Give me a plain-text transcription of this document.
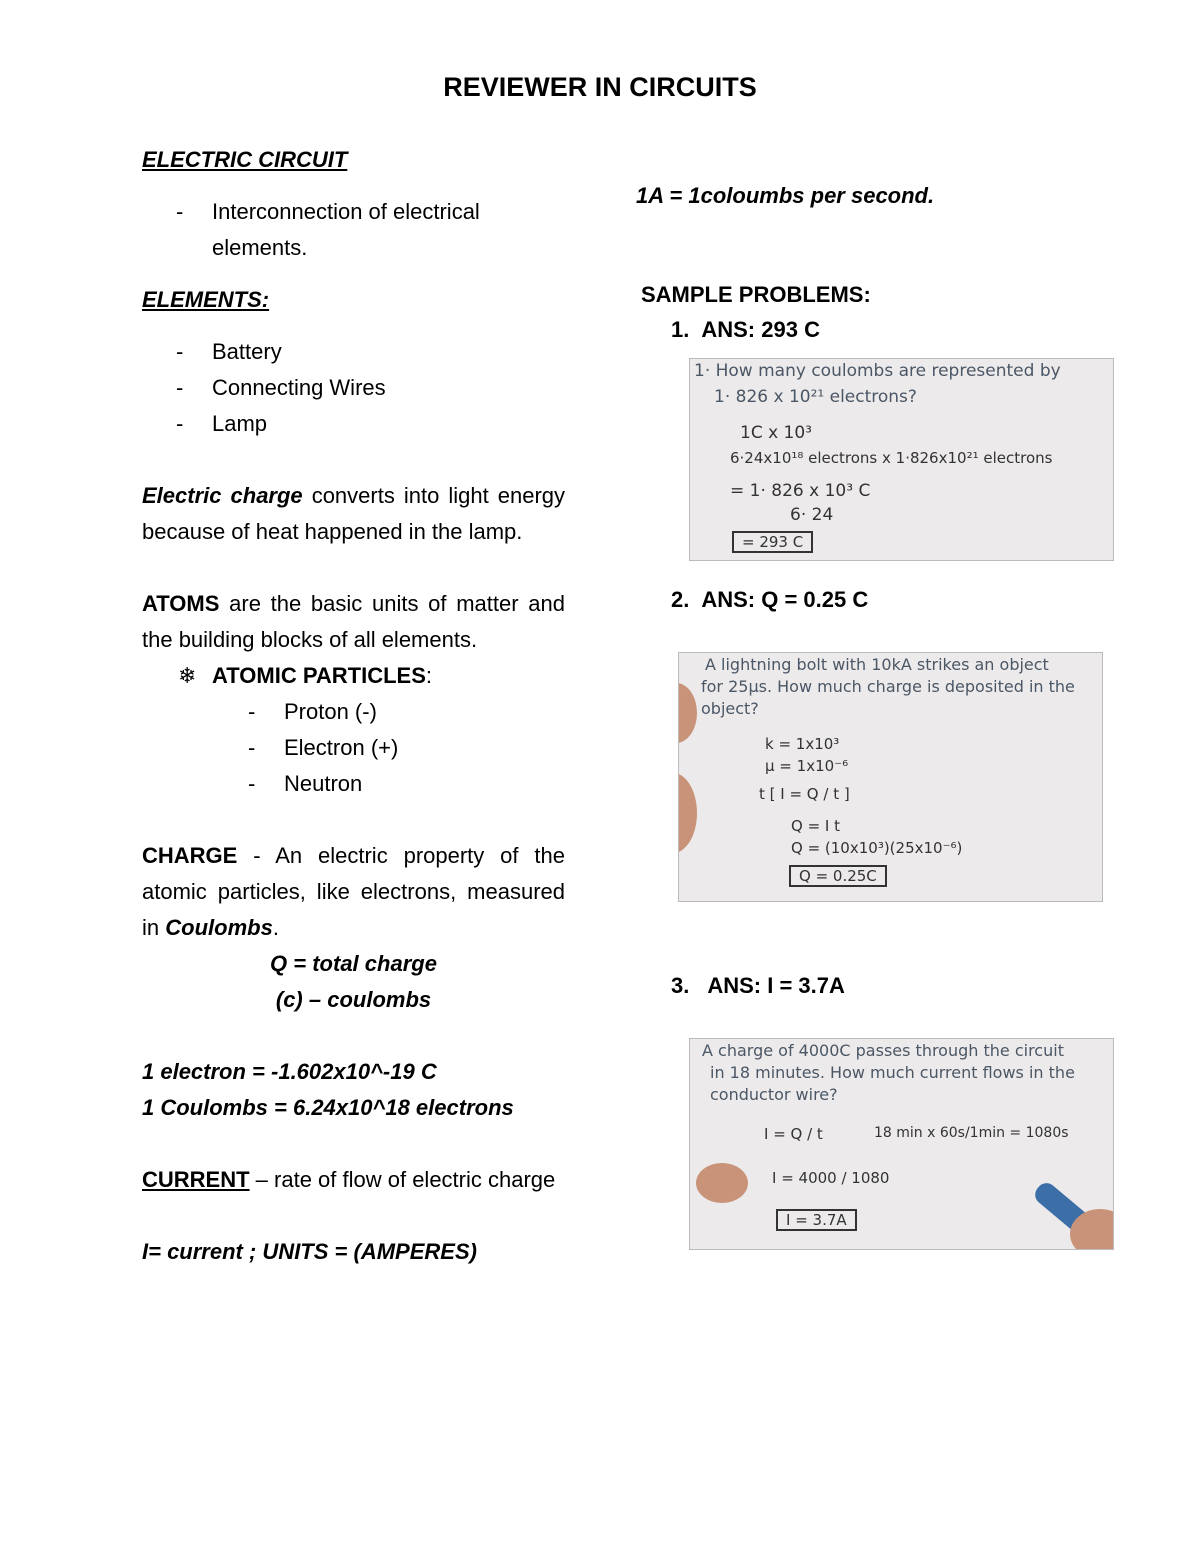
REVIEWER IN CIRCUITS
ELECTRIC CIRCUIT
- Interconnection of electrical elements.
ELEMENTS:
- Battery
- Connecting Wires
- Lamp
Electric charge converts into light energy because of heat happened in the lamp.
ATOMS are the basic units of matter and the building blocks of all elements.
❄ ATOMIC PARTICLES:
- Proton (-)
- Electron (+)
- Neutron
CHARGE - An electric property of the atomic particles, like electrons, measured in Coulombs.
Q = total charge
(c) – coulombs
1 electron = -1.602x10^-19 C
1 Coulombs = 6.24x10^18 electrons
CURRENT – rate of flow of electric charge
I= current ; UNITS = (AMPERES)
1A = 1coloumbs per second.
SAMPLE PROBLEMS:
1. ANS: 293 C
2. ANS: Q = 0.25 C
3. ANS: I = 3.7A
1· How many coulombs are represented by
1· 826 x 10²¹ electrons?
1C x 10³
6·24x10¹⁸ electrons x 1·826x10²¹ electrons
= 1· 826 x 10³ C
6· 24
= 293 C
A lightning bolt with 10kA strikes an object
for 25μs. How much charge is deposited in the
object?
k = 1x10³
μ = 1x10⁻⁶
t [ I = Q / t ]
Q = I t
Q = (10x10³)(25x10⁻⁶)
Q = 0.25C
A charge of 4000C passes through the circuit
in 18 minutes. How much current flows in the
conductor wire?
I = Q / t	18 min x 60s/1min = 1080s
I = 4000 / 1080
I = 3.7A
